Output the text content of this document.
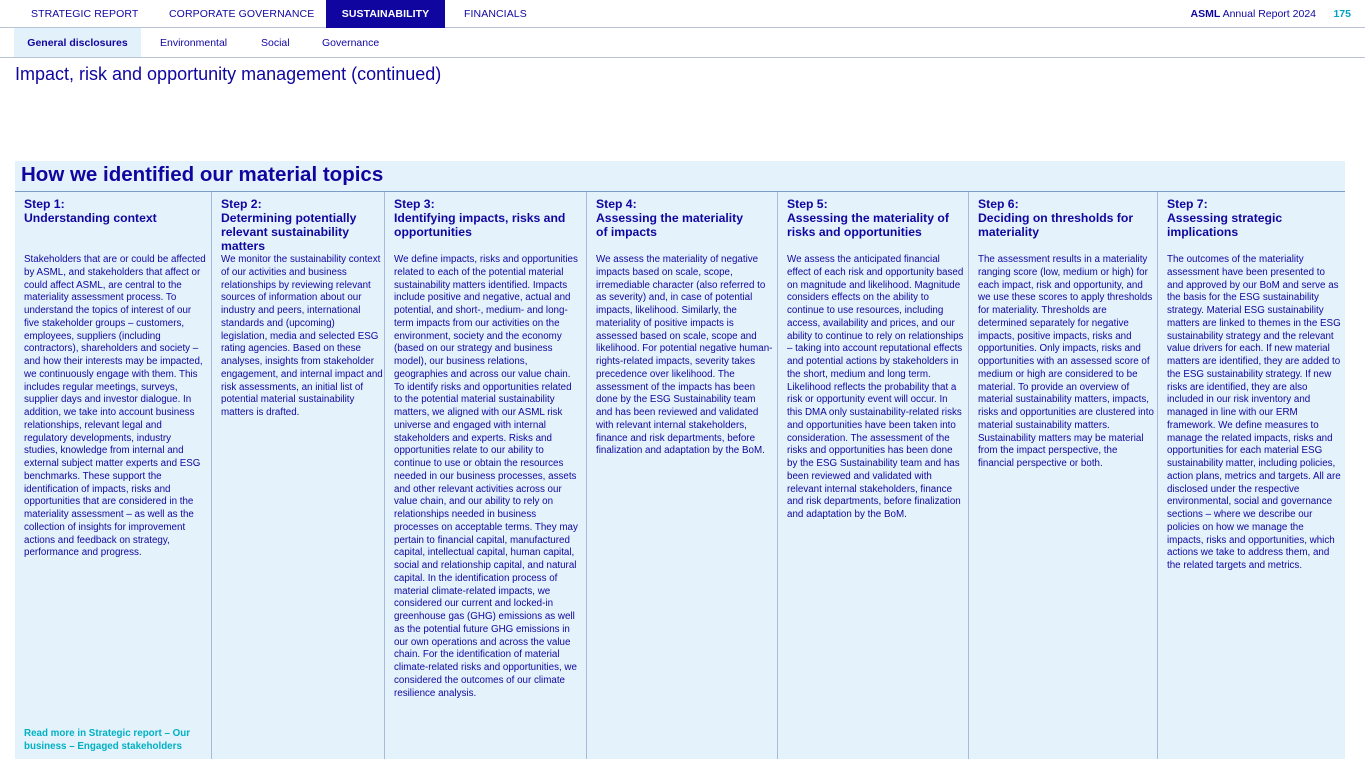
STRATEGIC REPORT	CORPORATE GOVERNANCE	SUSTAINABILITY	FINANCIALS	ASML Annual Report 2024 175
General disclosures	Environmental	Social	Governance
Impact, risk and opportunity management (continued)
How we identified our material topics
Step 1:
Understanding context
Stakeholders that are or could be affected by ASML, and stakeholders that affect or could affect ASML, are central to the materiality assessment process. To understand the topics of interest of our five stakeholder groups – customers, employees, suppliers (including contractors), shareholders and society – and how their interests may be impacted, we continuously engage with them. This includes regular meetings, surveys, supplier days and investor dialogue. In addition, we take into account business relationships, relevant legal and regulatory developments, industry studies, knowledge from internal and external subject matter experts and ESG benchmarks. These support the identification of impacts, risks and opportunities that are considered in the materiality assessment – as well as the collection of insights for improvement actions and feedback on strategy, performance and progress.
Read more in Strategic report – Our business – Engaged stakeholders
Step 2:
Determining potentially relevant sustainability matters
We monitor the sustainability context of our activities and business relationships by reviewing relevant sources of information about our industry and peers, international standards and (upcoming) legislation, media and selected ESG rating agencies. Based on these analyses, insights from stakeholder engagement, and internal impact and risk assessments, an initial list of potential material sustainability matters is drafted.
Step 3:
Identifying impacts, risks and opportunities
We define impacts, risks and opportunities related to each of the potential material sustainability matters identified. Impacts include positive and negative, actual and potential, and short-, medium- and long-term impacts from our activities on the environment, society and the economy (based on our strategy and business model), our business relations, geographies and across our value chain. To identify risks and opportunities related to the potential material sustainability matters, we aligned with our ASML risk universe and engaged with internal stakeholders and experts. Risks and opportunities relate to our ability to continue to use or obtain the resources needed in our business processes, assets and other relevant activities across our value chain, and our ability to rely on relationships needed in business processes on acceptable terms. They may pertain to financial capital, manufactured capital, intellectual capital, human capital, social and relationship capital, and natural capital. In the identification process of material climate-related impacts, we considered our current and locked-in greenhouse gas (GHG) emissions as well as the potential future GHG emissions in our own operations and across the value chain. For the identification of material climate-related risks and opportunities, we considered the outcomes of our climate resilience analysis.
Step 4:
Assessing the materiality of impacts
We assess the materiality of negative impacts based on scale, scope, irremediable character (also referred to as severity) and, in case of potential impacts, likelihood. Similarly, the materiality of positive impacts is assessed based on scale, scope and likelihood. For potential negative human-rights-related impacts, severity takes precedence over likelihood. The assessment of the impacts has been done by the ESG Sustainability team and has been reviewed and validated with relevant internal stakeholders, finance and risk departments, before finalization and adaptation by the BoM.
Step 5:
Assessing the materiality of risks and opportunities
We assess the anticipated financial effect of each risk and opportunity based on magnitude and likelihood. Magnitude considers effects on the ability to continue to use resources, including access, availability and prices, and our ability to continue to rely on relationships – taking into account reputational effects and potential actions by stakeholders in the short, medium and long term. Likelihood reflects the probability that a risk or opportunity event will occur. In this DMA only sustainability-related risks and opportunities have been taken into consideration. The assessment of the risks and opportunities has been done by the ESG Sustainability team and has been reviewed and validated with relevant internal stakeholders, finance and risk departments, before finalization and adaptation by the BoM.
Step 6:
Deciding on thresholds for materiality
The assessment results in a materiality ranging score (low, medium or high) for each impact, risk and opportunity, and we use these scores to apply thresholds for materiality. Thresholds are determined separately for negative impacts, positive impacts, risks and opportunities. Only impacts, risks and opportunities with an assessed score of medium or high are considered to be material. To provide an overview of material sustainability matters, impacts, risks and opportunities are clustered into material sustainability matters. Sustainability matters may be material from the impact perspective, the financial perspective or both.
Step 7:
Assessing strategic implications
The outcomes of the materiality assessment have been presented to and approved by our BoM and serve as the basis for the ESG sustainability strategy. Material ESG sustainability matters are linked to themes in the ESG sustainability strategy and the relevant value drivers for each. If new material matters are identified, they are added to the ESG sustainability strategy. If new risks are identified, they are also included in our risk inventory and managed in line with our ERM framework. We define measures to manage the related impacts, risks and opportunities for each material ESG sustainability matter, including policies, action plans, metrics and targets. All are disclosed under the respective environmental, social and governance sections – where we describe our policies on how we manage the impacts, risks and opportunities, which actions we take to address them, and the related targets and metrics.
